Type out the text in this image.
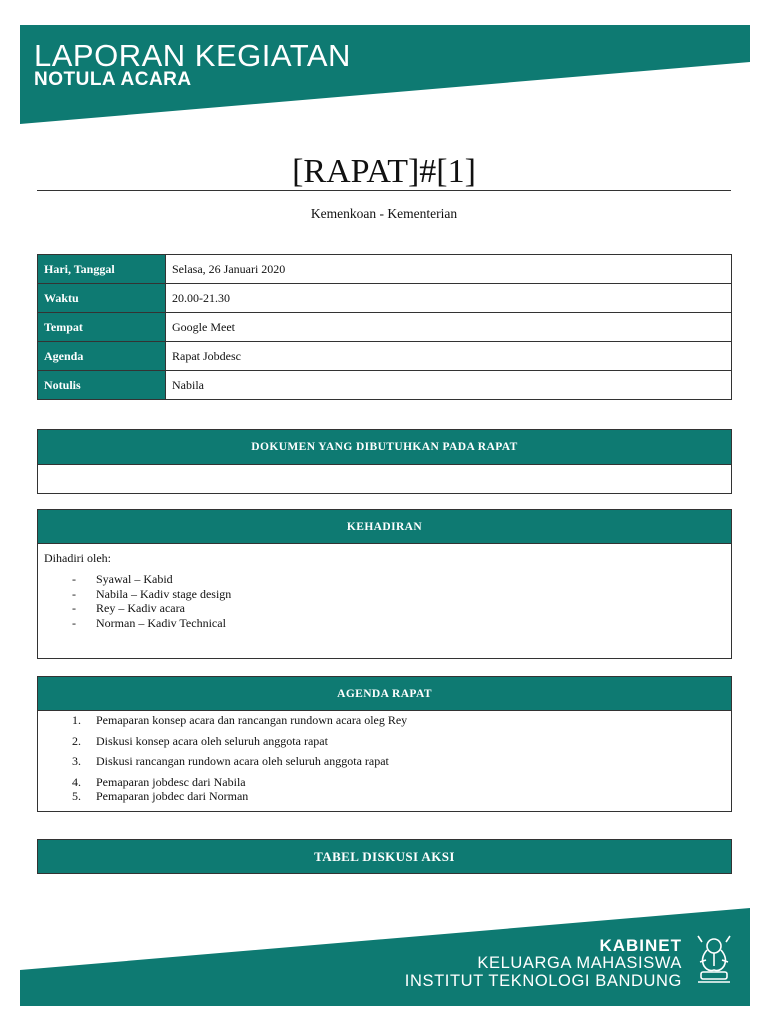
LAPORAN KEGIATAN
NOTULA ACARA
[RAPAT]#[1]
Kemenkoan - Kementerian
Hari, Tanggal	Selasa, 26 Januari 2020
Waktu	20.00-21.30
Tempat	Google Meet
Agenda	Rapat Jobdesc
Notulis	Nabila
DOKUMEN YANG DIBUTUHKAN PADA RAPAT
KEHADIRAN
Dihadiri oleh:
- Syawal – Kabid
- Nabila – Kadiv stage design
- Rey – Kadiv acara
- Norman – Kadiv Technical
AGENDA RAPAT
1. Pemaparan konsep acara dan rancangan rundown acara oleg Rey
2. Diskusi konsep acara oleh seluruh anggota rapat
3. Diskusi rancangan rundown acara oleh seluruh anggota rapat
4. Pemaparan jobdesc dari Nabila
5. Pemaparan jobdec dari Norman
TABEL DISKUSI AKSI
KABINET
KELUARGA MAHASISWA
INSTITUT TEKNOLOGI BANDUNG
